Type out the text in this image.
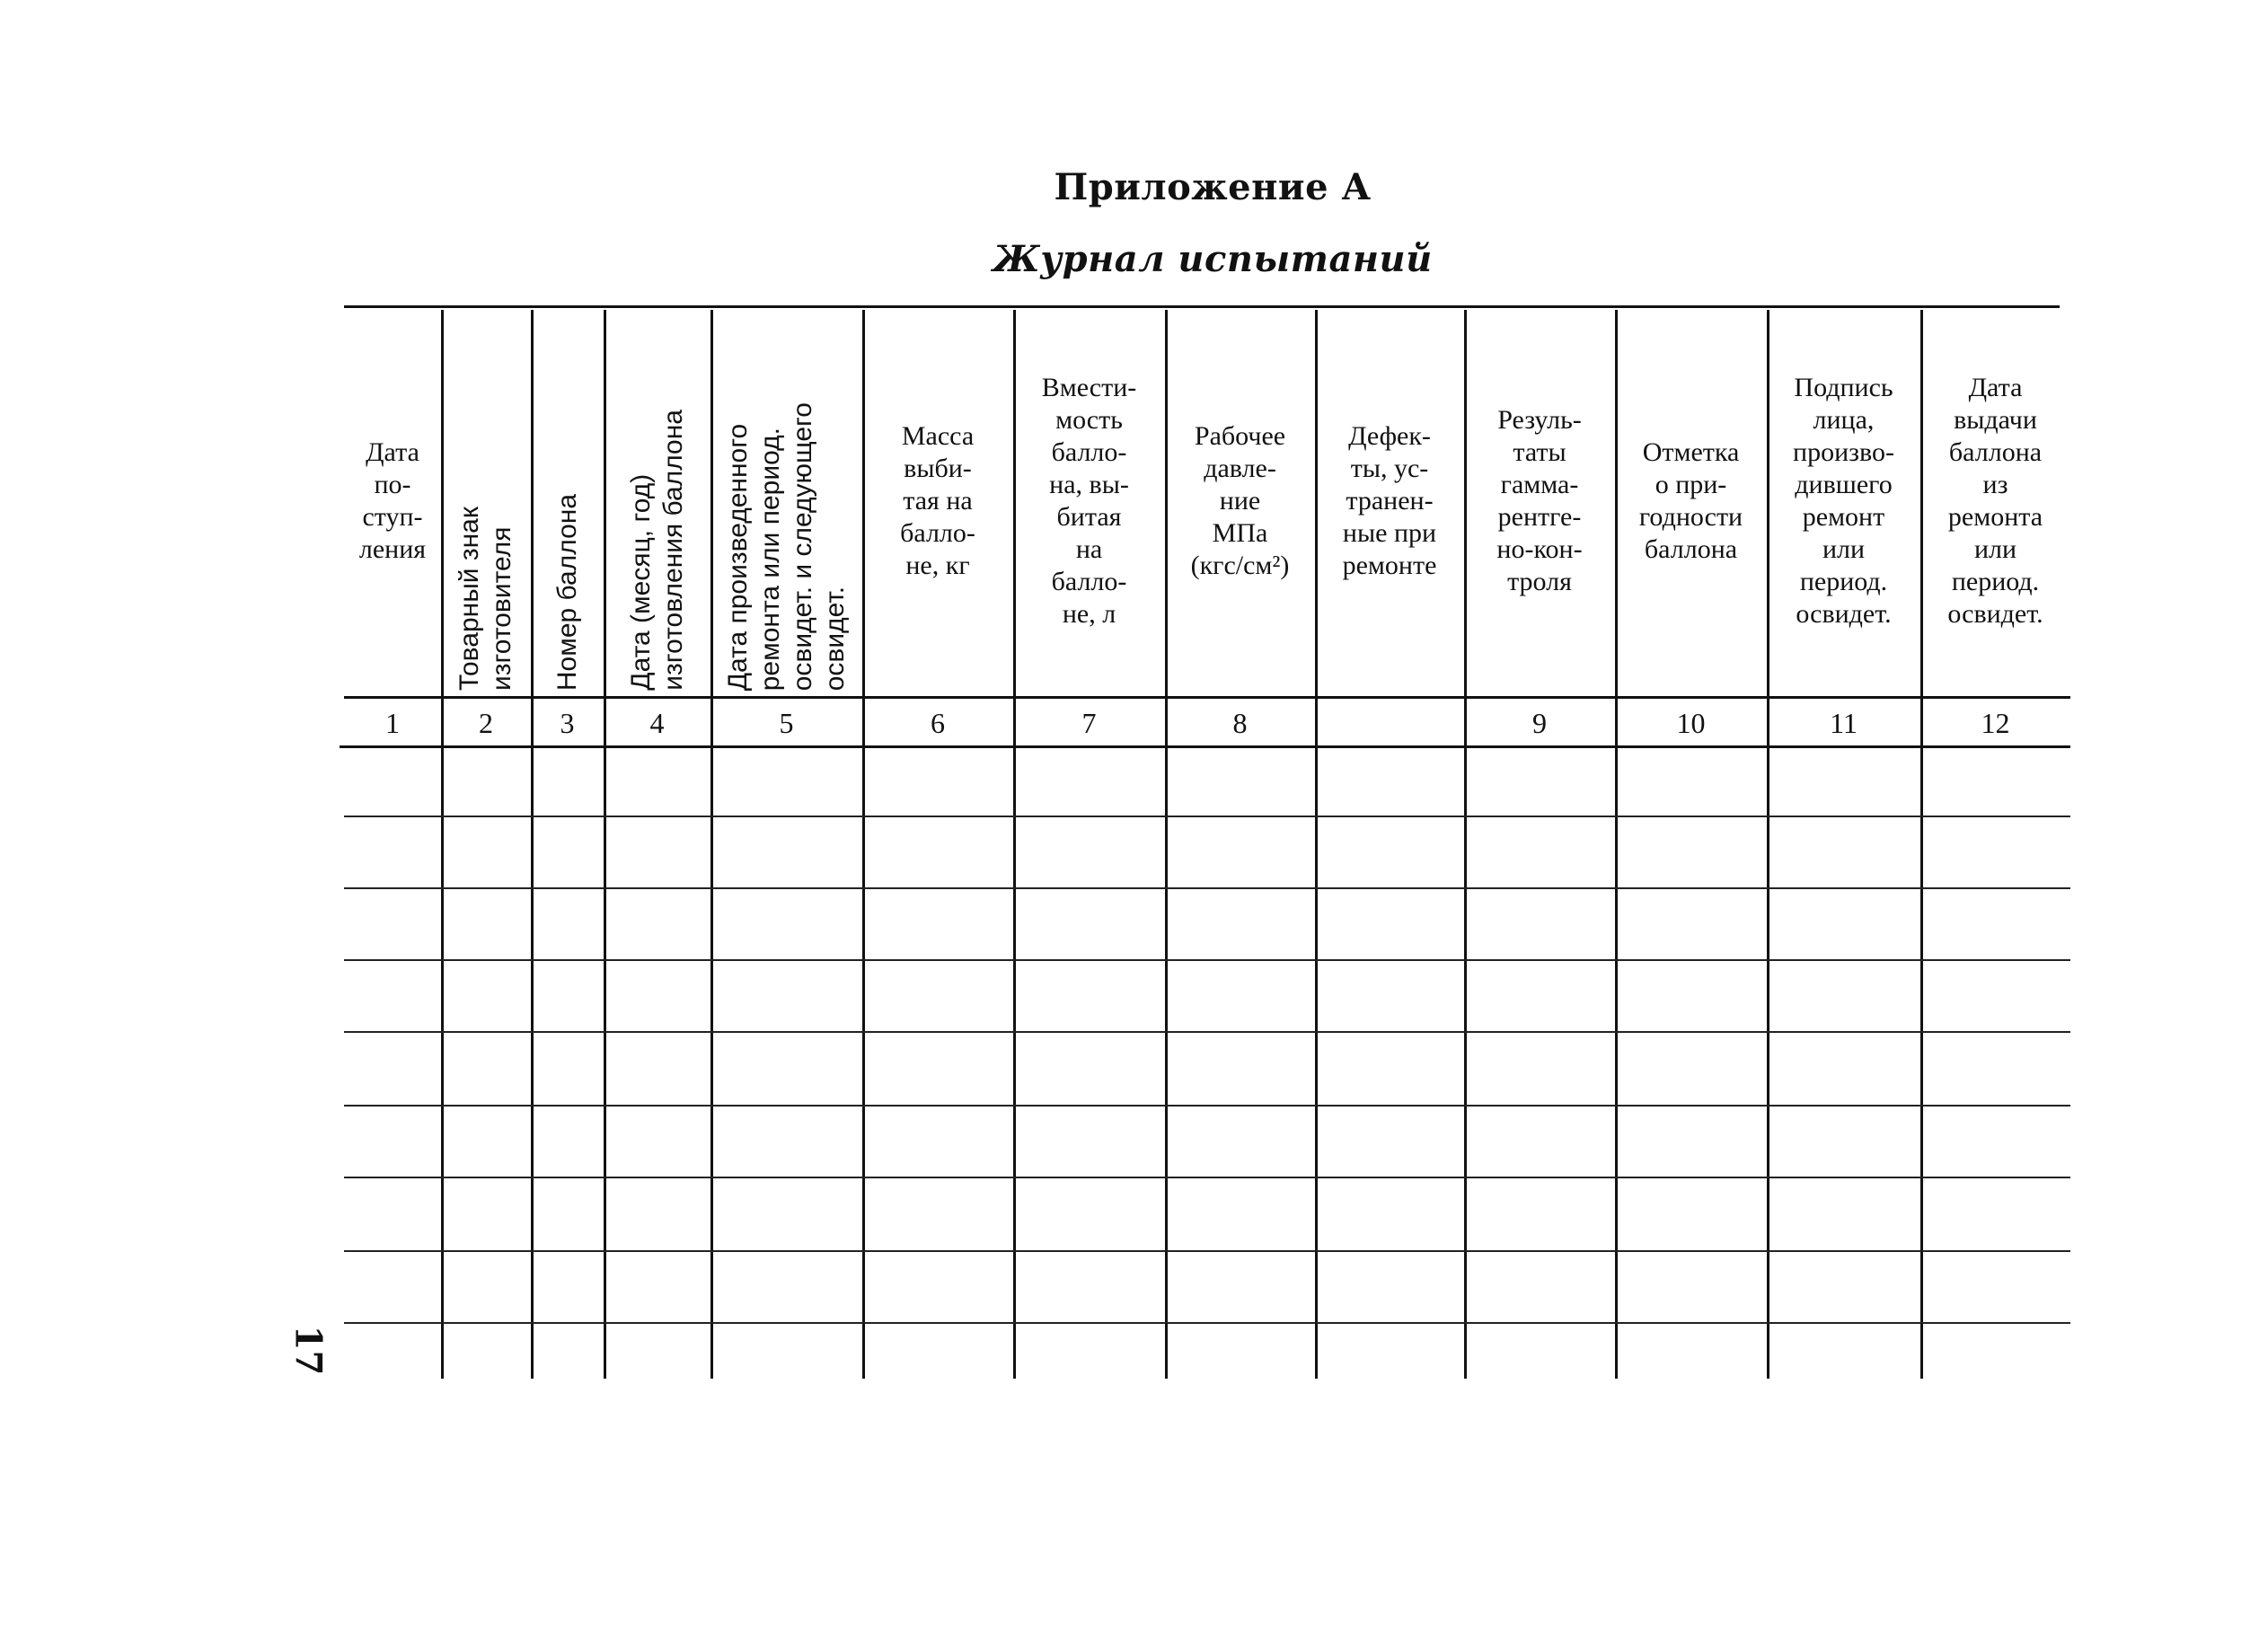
Приложение А
Журнал испытаний
Дата
по-
ступ-
ления
1
Товарный знак
изготовителя
2
Номер баллона
3
Дата (месяц, год)
изготовления баллона
4
Дата произведенного
ремонта или период.
освидет. и следующего
освидет.
5
Масса
выби-
тая на
балло-
не, кг
6
Вмести-
мость
балло-
на, вы-
битая
на
балло-
не, л
7
Рабочее
давле-
ние
МПа
(кгс/см²)
8
Дефек-
ты, ус-
транен-
ные при
ремонте
Резуль-
таты
гамма-
рентге-
но-кон-
троля
9
Отметка
о при-
годности
баллона
10
Подпись
лица,
произво-
дившего
ремонт
или
период.
освидет.
11
Дата
выдачи
баллона
из
ремонта
или
период.
освидет.
12
17
